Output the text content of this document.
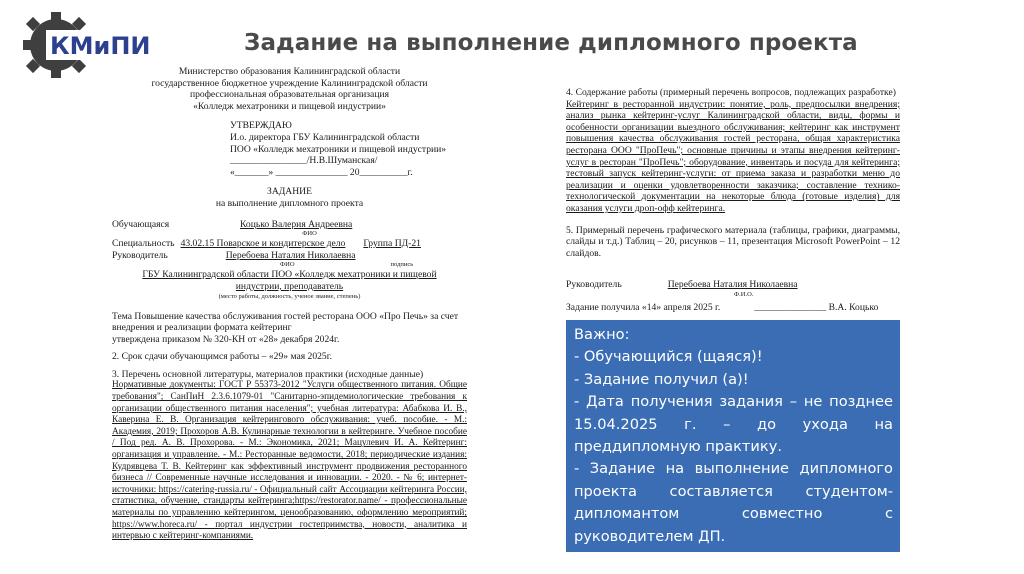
КМиПИ	Задание на выполнение дипломного проекта
Министерство образования Калининградской области
государственное бюджетное учреждение Калининградской области
профессиональная образовательная организация
«Колледж мехатроники и пищевой индустрии»
УТВЕРЖДАЮ
И.о. директора ГБУ Калининградской области
ПОО «Колледж мехатроники и пищевой индустрии»
________________/Н.В.Шуманская/
«_______» _______________ 20__________г.
ЗАДАНИЕ
на выполнение дипломного проекта
Обучающаяся	Коцько Валерия Андреевна
ФИО
Специальность 43.02.15 Поварское и кондитерское дело Группа ПД-21
Руководитель	Перебоева Наталия Николаевна
ФИО	подпись
ГБУ Калининградской области ПОО «Колледж мехатроники и пищевой
индустрии, преподаватель
(место работы, должность, ученое звание, степень)
Тема Повышение качества обслуживания гостей ресторана ООО «Про Печь» за счет внедрения и реализации формата кейтеринг
утверждена приказом № 320-КН от «28» декабря 2024г.
2. Срок сдачи обучающимся работы – «29» мая 2025г.
3. Перечень основной литературы, материалов практики (исходные данные)
Нормативные документы: ГОСТ Р 55373-2012 "Услуги общественного питания. Общие требования"; СанПиН 2.3.6.1079-01 "Санитарно-эпидемиологические требования к организации общественного питания населения"; учебная литература: Абабкова И. В., Каверина Е. В. Организация кейтерингового обслуживания: учеб. пособие. - М.: Академия, 2019; Прохоров А.В. Кулинарные технологии в кейтеринге. Учебное пособие / Под ред. А. В. Прохорова. - М.: Экономика, 2021; Мацулевич И. А. Кейтеринг: организация и управление. - М.: Ресторанные ведомости, 2018; периодические издания: Кудрявцева Т. В. Кейтеринг как эффективный инструмент продвижения ресторанного бизнеса // Современные научные исследования и инновации. - 2020. - № 6; интернет-источники: https://catering-russia.ru/ - Официальный сайт Ассоциации кейтеринга России, статистика, обучение, стандарты кейтеринга;https://restorator.name/ - профессиональные материалы по управлению кейтерингом, ценообразованию, оформлению мероприятий; https://www.horeca.ru/ - портал индустрии гостеприимства, новости, аналитика и интервью с кейтеринг-компаниями.
4. Содержание работы (примерный перечень вопросов, подлежащих разработке)
Кейтеринг в ресторанной индустрии: понятие, роль, предпосылки внедрения; анализ рынка кейтеринг-услуг Калининградской области, виды, формы и особенности организации выездного обслуживания; кейтеринг как инструмент повышения качества обслуживания гостей ресторана, общая характеристика ресторана ООО "ПроПечь"; основные причины и этапы внедрения кейтеринг-услуг в ресторан "ПроПечь"; оборудование, инвентарь и посуда для кейтеринга; тестовый запуск кейтеринг-услуги: от приема заказа и разработки меню до реализации и оценки удовлетворенности заказчика; составление технико-технологической документации на некоторые блюда (готовые изделия) для оказания услуги дроп-офф кейтеринга.
5. Примерный перечень графического материала (таблицы, графики, диаграммы, слайды и т.д.) Таблиц – 20, рисунков – 11, презентация Microsoft PowerPoint – 12 слайдов.
Руководитель	Перебоева Наталия Николаевна
Ф.И.О.
Задание получила «14» апреля 2025 г.	_______________ В.А. Коцько

Важно:

- Обучающийся (щаяся)!

- Задание получил (а)!

- Дата получения задания – не позднее 15.04.2025 г. – до ухода на преддипломную практику.

- Задание на выполнение дипломного проекта составляется студентом-дипломантом совместно с руководителем ДП.
